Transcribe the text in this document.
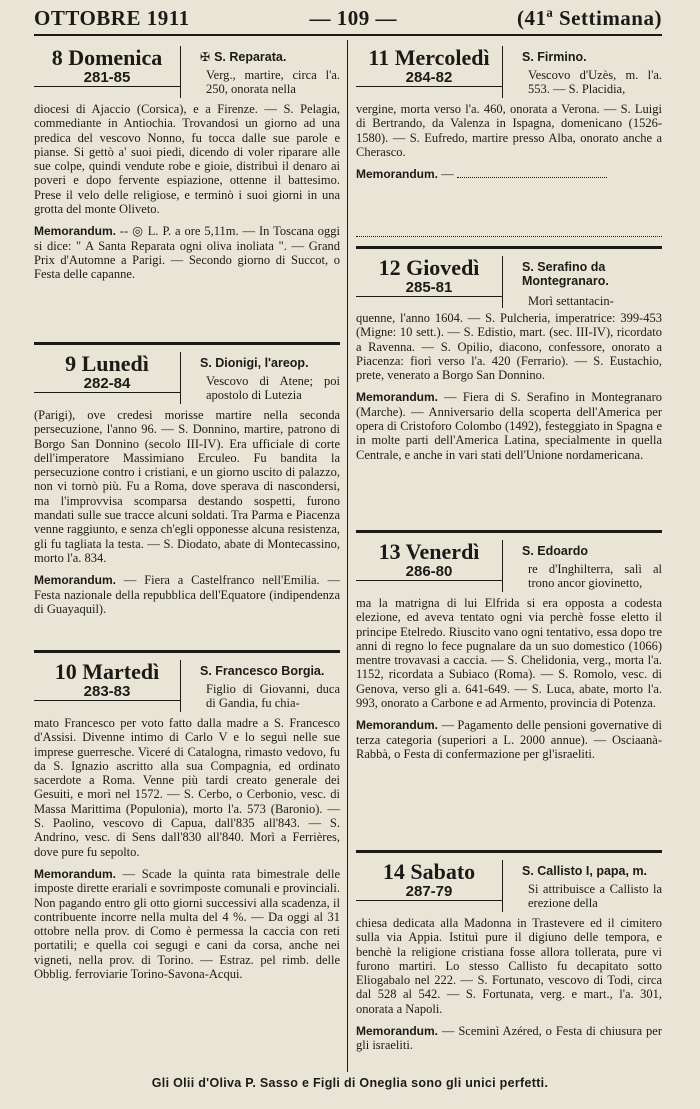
OTTOBRE 1911	— 109 —	(41ª Settimana)
8 Domenica
281-85
✠ S. Reparata.
Verg., martire, circa l'a. 250, onorata nella

diocesi di Ajaccio (Corsica), e a Firenze. — S. Pelagia, commediante in Antiochia. Trovandosi un giorno ad una predica del vescovo Nonno, fu tocca dalle sue parole e pianse. Si gettò a' suoi piedi, dicendo di voler riparare alle sue colpe, quindi vendute robe e gioie, distribuì il denaro ai poveri e dopo fervente espiazione, ottenne il battesimo. Prese il velo delle religiose, e terminò i suoi giorni in una grotta del monte Oliveto.

Memorandum. -- ◎ L. P. a ore 5,11m. — In Toscana oggi si dice: " A Santa Reparata ogni oliva inoliata ". — Grand Prix d'Automne a Parigi. — Secondo giorno di Succot, o Festa delle capanne.

9 Lunedì
282-84
S. Dionigi, l'areop.
Vescovo di Atene; poi apostolo di Lutezia

(Parigi), ove credesi morisse martire nella seconda persecuzione, l'anno 96. — S. Donnino, martire, patrono di Borgo San Donnino (secolo III-IV). Era ufficiale di corte dell'imperatore Massimiano Erculeo. Fu bandita la persecuzione contro i cristiani, e un giorno uscito di palazzo, non vi tornò più. Fu a Roma, dove sperava di nascondersi, ma l'improvvisa scomparsa destando sospetti, furono mandati sulle sue tracce alcuni soldati. Tra Parma e Piacenza venne raggiunto, e senza ch'egli opponesse alcuna resistenza, gli fu tagliata la testa. — S. Diodato, abate di Montecassino, morto l'a. 834.

Memorandum. — Fiera a Castelfranco nell'Emilia. — Festa nazionale della repubblica dell'Equatore (indipendenza di Guayaquil).

10 Martedì
283-83
S. Francesco Borgia.
Figlio di Giovanni, duca di Gandia, fu chia-

mato Francesco per voto fatto dalla madre a S. Francesco d'Assisi. Divenne intimo di Carlo V e lo seguì nelle sue imprese guerresche. Viceré di Catalogna, rimasto vedovo, fu da S. Ignazio ascritto alla sua Compagnia, ed ordinato sacerdote a Roma. Venne più tardi creato generale dei Gesuiti, e morì nel 1572. — S. Cerbo, o Cerbonio, vesc. di Massa Marittima (Populonia), morto l'a. 573 (Baronio). — S. Paolino, vescovo di Capua, dall'835 all'843. — S. Andrino, vesc. di Sens dall'830 all'840. Morì a Ferrières, dove pure fu sepolto.

Memorandum. — Scade la quinta rata bimestrale delle imposte dirette erariali e sovrimposte comunali e provinciali. Non pagando entro gli otto giorni successivi alla scadenza, il contribuente incorre nella multa del 4 %. — Da oggi al 31 ottobre nella prov. di Como è permessa la caccia con reti portatili; e quella coi segugi e cani da corsa, anche nei vigneti, nella prov. di Torino. — Estraz. pel rimb. delle Obblig. ferroviarie Torino-Savona-Acqui.

11 Mercoledì
284-82
S. Firmino.
Vescovo d'Uzès, m. l'a. 553. — S. Placidia,

vergine, morta verso l'a. 460, onorata a Verona. — S. Luigi di Bertrando, da Valenza in Ispagna, domenicano (1526-1580). — S. Eufredo, martire presso Alba, onorato anche a Cherasco.

Memorandum. —

12 Giovedì
285-81
S. Serafino da Montegranaro.
Morì settantacin-

quenne, l'anno 1604. — S. Pulcheria, imperatrice: 399-453 (Migne: 10 sett.). — S. Edistio, mart. (sec. III-IV), ricordato a Ravenna. — S. Opilio, diacono, confessore, onorato a Piacenza: fiorì verso l'a. 420 (Ferrario). — S. Eustachio, prete, venerato a Borgo San Donnino.

Memorandum. — Fiera di S. Serafino in Montegranaro (Marche). — Anniversario della scoperta dell'America per opera di Cristoforo Colombo (1492), festeggiato in Spagna e in molte parti dell'America Latina, specialmente in quella Centrale, e anche in vari stati dell'Unione nordamericana.

13 Venerdì
286-80
S. Edoardo
re d'Inghilterra, salì al trono ancor giovinetto,

ma la matrigna di lui Elfrida si era opposta a codesta elezione, ed aveva tentato ogni via perchè fosse eletto il principe Etelredo. Riuscito vano ogni tentativo, essa dopo tre anni di regno lo fece pugnalare da un suo domestico (1066) mentre trovavasi a caccia. — S. Chelidonia, verg., morta l'a. 1152, ricordata a Subiaco (Roma). — S. Romolo, vesc. di Genova, verso gli a. 641-649. — S. Luca, abate, morto l'a. 993, onorato a Carbone e ad Armento, provincia di Potenza.

Memorandum. — Pagamento delle pensioni governative di terza categoria (superiori a L. 2000 annue). — Osciaanà-Rabbà, o Festa di confermazione per gl'israeliti.

14 Sabato
287-79
S. Callisto I, papa, m.
Si attribuisce a Callisto la erezione della

chiesa dedicata alla Madonna in Trastevere ed il cimitero sulla via Appia. Istituì pure il digiuno delle tempora, e benchè la religione cristiana fosse allora tollerata, pure vi furono martiri. Lo stesso Callisto fu decapitato sotto Eliogabalo nel 222. — S. Fortunato, vescovo di Todi, circa dal 528 al 542. — S. Fortunata, verg. e mart., l'a. 301, onorata a Napoli.

Memorandum. — Sceminì Azéred, o Festa di chiusura per gli israeliti.

Gli Olii d'Oliva P. Sasso e Figli di Oneglia sono gli unici perfetti.
